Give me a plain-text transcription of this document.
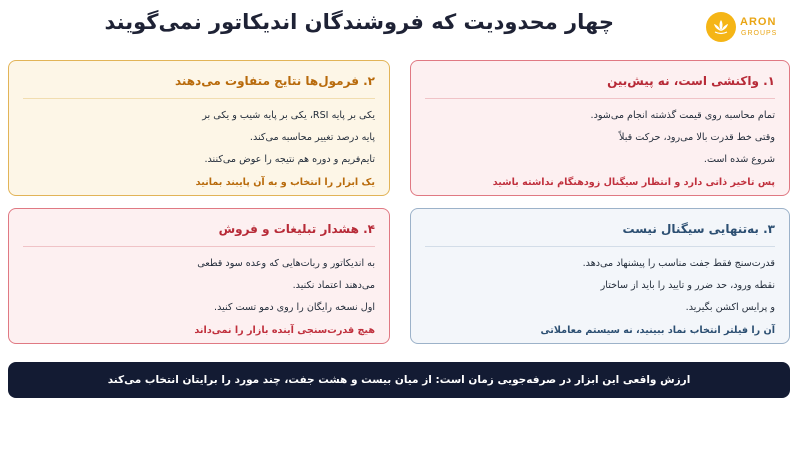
چهار محدودیت که فروشندگان اندیکاتور نمی‌گویند	ARON
GROUPS
۱. واکنشی است، نه پیش‌بین
تمام محاسبه روی قیمت گذشته انجام می‌شود.
وقتی خط قدرت بالا می‌رود، حرکت قبلاً
شروع شده است.

پس تاخیر ذاتی دارد و انتظار سیگنال زودهنگام نداشته باشید

۲. فرمول‌ها نتایج متفاوت می‌دهند
یکی بر پایه RSI، یکی بر پایه شیب و یکی بر
پایه درصد تغییر محاسبه می‌کند.
تایم‌فریم و دوره هم نتیجه را عوض می‌کنند.

یک ابزار را انتخاب و به آن پایبند بمانید

۳. به‌تنهایی سیگنال نیست
قدرت‌سنج فقط جفت مناسب را پیشنهاد می‌دهد.
نقطه ورود، حد ضرر و تایید را باید از ساختار
و پرایس اکشن بگیرید.

آن را فیلتر انتخاب نماد ببینید، نه سیستم معاملاتی

۴. هشدار تبلیغات و فروش
به اندیکاتور و ربات‌هایی که وعده سود قطعی
می‌دهند اعتماد نکنید.
اول نسخه رایگان را روی دمو تست کنید.

هیچ قدرت‌سنجی آینده بازار را نمی‌داند

ارزش واقعی این ابزار در صرفه‌جویی زمان است: از میان بیست و هشت جفت، چند مورد را برایتان انتخاب می‌کند
